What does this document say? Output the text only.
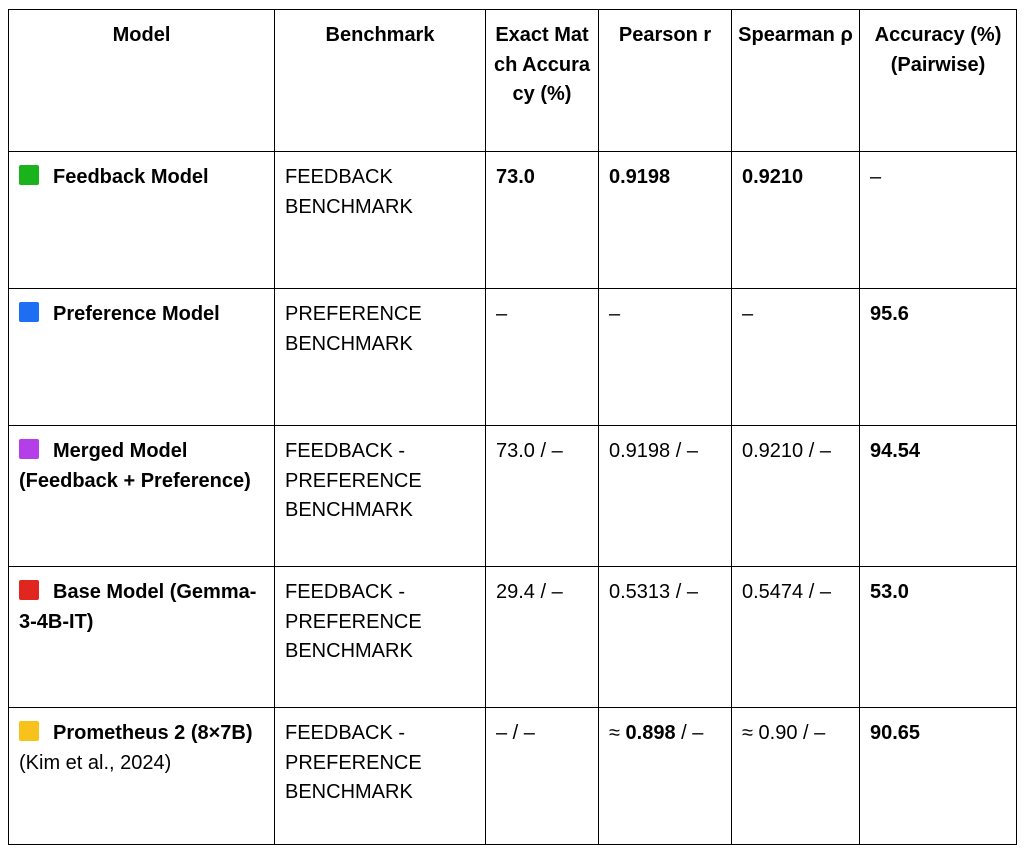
Model	Benchmark	Exact Match Accuracy (%)	Pearson r	Spearman ρ	Accuracy (%) (Pairwise)
Feedback Model	FEEDBACK BENCHMARK	73.0	0.9198	0.9210	–
Preference Model	PREFERENCE BENCHMARK	–	–	–	95.6
Merged Model (Feedback + Preference)	FEEDBACK - PREFERENCE BENCHMARK	73.0 / –	0.9198 / –	0.9210 / –	94.54
Base Model (Gemma-3-4B-IT)	FEEDBACK - PREFERENCE BENCHMARK	29.4 / –	0.5313 / –	0.5474 / –	53.0
Prometheus 2 (8×7B) (Kim et al., 2024)	FEEDBACK - PREFERENCE BENCHMARK	– / –	≈ 0.898 / –	≈ 0.90 / –	90.65
